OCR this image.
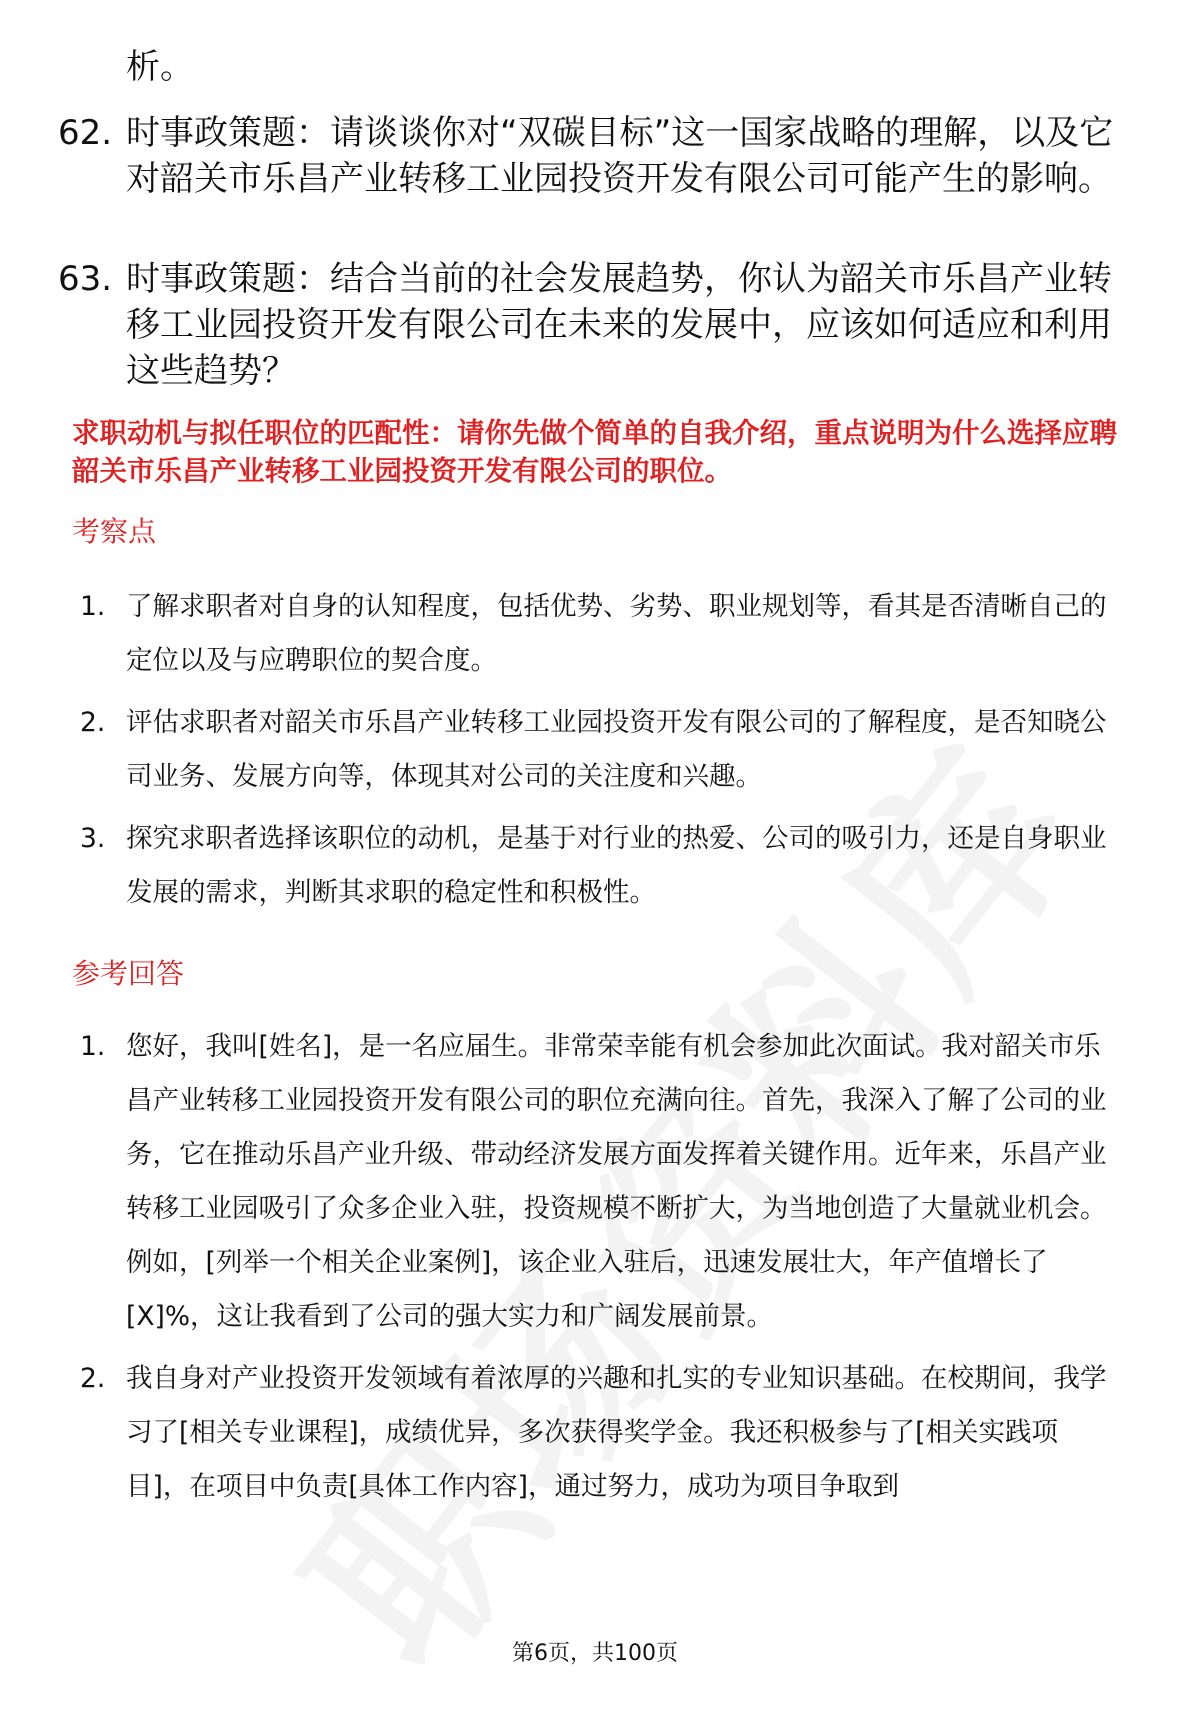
析。

62. 时事政策题：请谈谈你对“双碳目标”这一国家战略的理解，以及它对韶关市乐昌产业转移工业园投资开发有限公司可能产生的影响。
63. 时事政策题：结合当前的社会发展趋势，你认为韶关市乐昌产业转移工业园投资开发有限公司在未来的发展中，应该如何适应和利用这些趋势？

求职动机与拟任职位的匹配性：请你先做个简单的自我介绍，重点说明为什么选择应聘韶关市乐昌产业转移工业园投资开发有限公司的职位。

考察点

1. 了解求职者对自身的认知程度，包括优势、劣势、职业规划等，看其是否清晰自己的定位以及与应聘职位的契合度。
2. 评估求职者对韶关市乐昌产业转移工业园投资开发有限公司的了解程度，是否知晓公司业务、发展方向等，体现其对公司的关注度和兴趣。
3. 探究求职者选择该职位的动机，是基于对行业的热爱、公司的吸引力，还是自身职业发展的需求，判断其求职的稳定性和积极性。

参考回答

1. 您好，我叫[姓名]，是一名应届生。非常荣幸能有机会参加此次面试。我对韶关市乐昌产业转移工业园投资开发有限公司的职位充满向往。首先，我深入了解了公司的业务，它在推动乐昌产业升级、带动经济发展方面发挥着关键作用。近年来，乐昌产业转移工业园吸引了众多企业入驻，投资规模不断扩大，为当地创造了大量就业机会。例如，[列举一个相关企业案例]，该企业入驻后，迅速发展壮大，年产值增长了[X]%，这让我看到了公司的强大实力和广阔发展前景。
2. 我自身对产业投资开发领域有着浓厚的兴趣和扎实的专业知识基础。在校期间，我学习了[相关专业课程]，成绩优异，多次获得奖学金。我还积极参与了[相关实践项目]，在项目中负责[具体工作内容]，通过努力，成功为项目争取到
第6页，共100页
